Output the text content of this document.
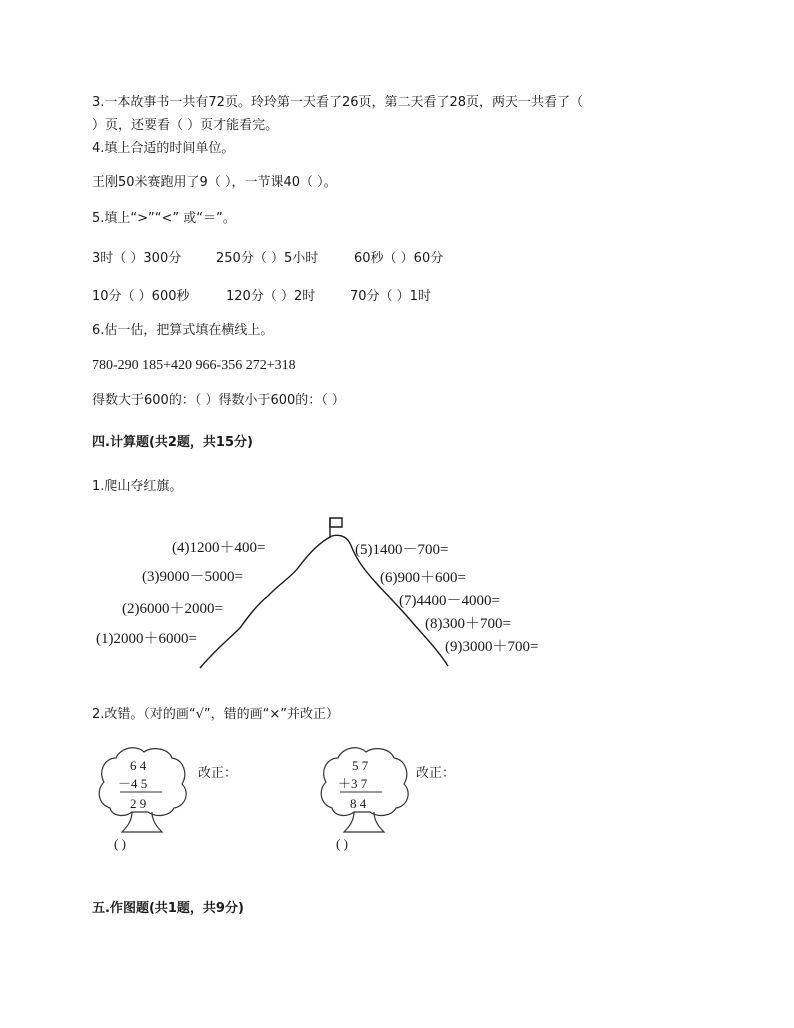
3.一本故事书一共有72页。玲玲第一天看了26页，第二天看了28页，两天一共看了（
）页，还要看（ ）页才能看完。
4.填上合适的时间单位。
王刚50米赛跑用了9（ ），一节课40（ ）。
5.填上“>”“<” 或“＝”。
3时（ ）300分	250分（ ）5小时	60秒（ ）60分
10分（ ）600秒	120分（ ）2时	70分（ ）1时
6.估一估，把算式填在横线上。
780-290 185+420 966-356 272+318
得数大于600的：（ ）得数小于600的：（ ）
四.计算题(共2题，共15分)
1.爬山夺红旗。
(4)1200＋400=
(3)9000－5000=
(2)6000＋2000=
(1)2000＋6000=
(5)1400－700=
(6)900＋600=
(7)4400－4000=
(8)300＋700=
(9)3000＋700=
2.改错。（对的画“√”，错的画“×”并改正）
6 4
－4 5
2 9
( )
改正：	5 7
＋3 7
8 4
( )
改正：
五.作图题(共1题，共9分)
